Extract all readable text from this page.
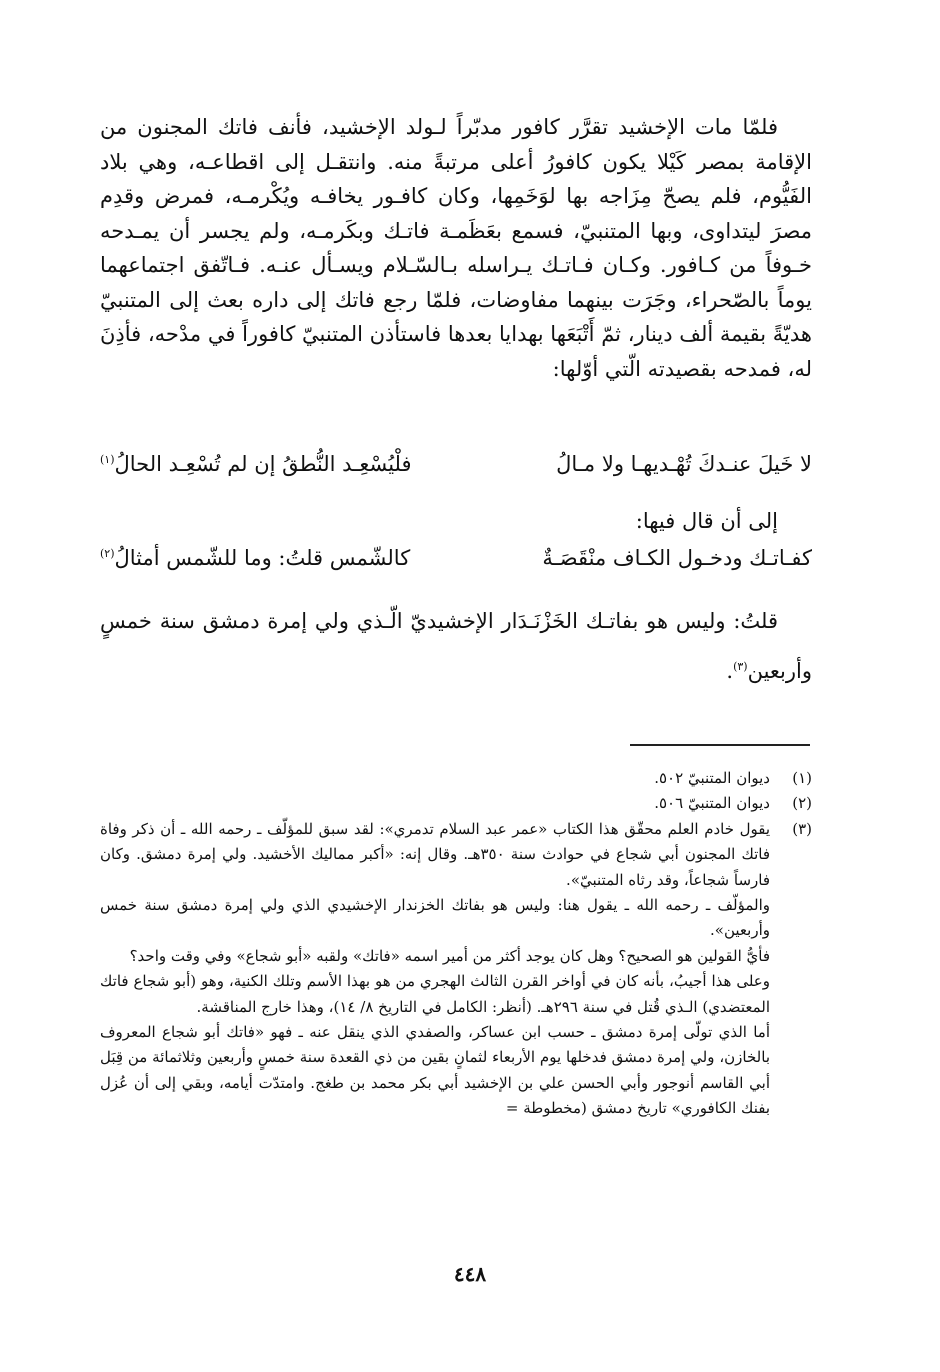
فلمّا مات الإخشيد تقرَّر كافور مدبّراً لـولد الإخشيد، فأنف فاتك المجنون من الإقامة بمصر كَيْلا يكون كافورُ أعلى مرتبةً منه. وانتقـل إلى اقطاعـه، وهي بلاد الفَيُّوم، فلم يصحّ مِزَاجه بها لوَخَمِها، وكان كافـور يخافـه ويُكْرمـه، فمرض وقدِم مصرَ ليتداوى، وبها المتنبيّ، فسمع بعَظَمـة فاتـك وبكَرمـه، ولم يجسر أن يمـدحه خـوفاً من كـافور. وكـان فـاتـك يـراسله بـالسّـلام ويسـأل عنـه. فـاتّفق اجتماعهما يوماً بالصّحراء، وجَرَت بينهما مفاوضات، فلمّا رجع فاتك إلى داره بعث إلى المتنبيّ هديّةً بقيمة ألف دينار، ثمّ أَتْبَعَها بهدايا بعدها فاستأذن المتنبيّ كافوراً في مدْحه، فأذِنَ له، فمدحه بقصيدته الّتي أوّلها:

لا خَيلَ عنـدكَ تُهْـديهـا ولا مـالُ
فلْيُسْعِـد النُّطقُ إن لم تُسْعِـد الحالُ$^{(١)}$

إلى أن قال فيها:

كفـاتـك ودخـول الكـاف منْقَصَـةٌ
كالشّمس قلتُ: وما للشّمس أمثالُ$^{(٢)}$

قلتُ: وليس هو بفاتـك الخَزْنَـدَار الإخشيديّ الّـذي ولي إمرة دمشق سنة خمسٍ وأربعين$^{(٣)}$.

(١)

ديوان المتنبيّ ٥٠٢.

(٢)

ديوان المتنبيّ ٥٠٦.

(٣)

يقول خادم العلم محقّق هذا الكتاب «عمر عبد السلام تدمري»: لقد سبق للمؤلّف ـ رحمه الله ـ أن ذكر وفاة فاتك المجنون أبي شجاع في حوادث سنة ٣٥٠هـ. وقال إنه: «أكبر مماليك الأخشيد. ولي إمرة دمشق. وكان فارساً شجاعاً، وقد رثاه المتنبيّ».

والمؤلّف ـ رحمه الله ـ يقول هنا: وليس هو بفاتك الخزندار الإخشيدي الذي ولي إمرة دمشق سنة خمس وأربعين».

فأيُّ القولين هو الصحيح؟ وهل كان يوجد أكثر من أمير اسمه «فاتك» ولقبه «أبو شجاع» وفي وقت واحد؟

وعلى هذا أجيبُ، بأنه كان في أواخر القرن الثالث الهجري من هو بهذا الأسم وتلك الكنية، وهو (أبو شجاع فاتك المعتضدي) الـذي قُتل في سنة ٢٩٦هـ. (أنظر: الكامل في التاريخ ٨/ ١٤)، وهذا خارج المناقشة.

أما الذي تولّى إمرة دمشق ـ حسب ابن عساكر، والصفدي الذي ينقل عنه ـ فهو «فاتك أبو شجاع المعروف بالخازن، ولي إمرة دمشق فدخلها يوم الأربعاء لثمانٍ بقين من ذي القعدة سنة خمسٍ وأربعين وثلاثمائة من قِبَل أبي القاسم أنوجور وأبي الحسن علي بن الإخشيد أبي بكر محمد بن طغج. وامتدّت أيامه، وبقي إلى أن عُزل بفنك الكافوري» تاريخ دمشق (مخطوطة =

٤٤٨
